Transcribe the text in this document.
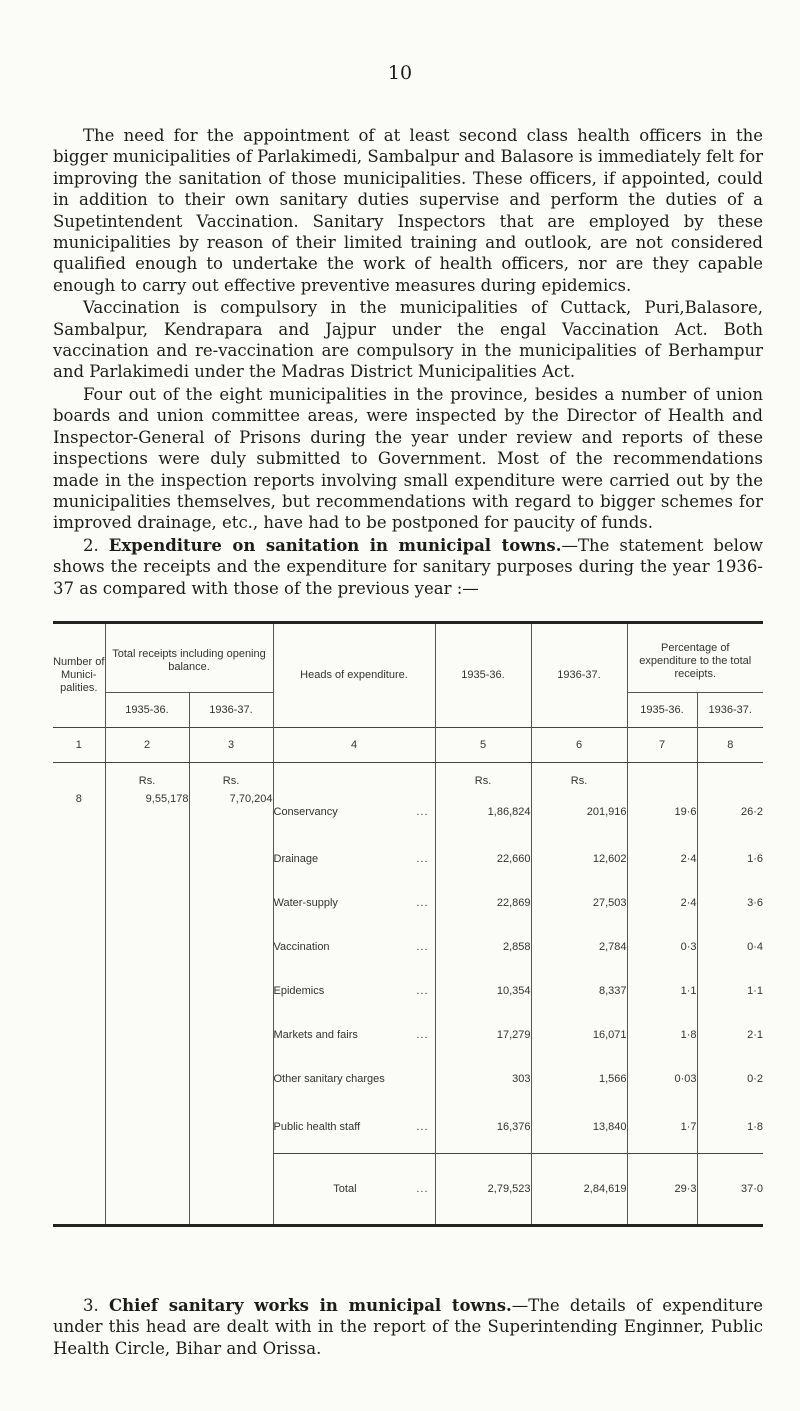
10

The need for the appointment of at least second class health officers in the bigger municipalities of Parlakimedi, Sambalpur and Balasore is immediately felt for improving the sanitation of those municipalities. These officers, if appointed, could in addition to their own sanitary duties supervise and perform the duties of a Supetintendent Vaccination. Sanitary Inspectors that are employed by these municipalities by reason of their limited training and outlook, are not considered qualified enough to undertake the work of health officers, nor are they capable enough to carry out effective preventive measures during epidemics.

Vaccination is compulsory in the municipalities of Cuttack, Puri,Balasore, Sambalpur, Kendrapara and Jajpur under the engal Vaccination Act. Both vaccination and re-vaccination are compulsory in the municipalities of Berhampur and Parlakimedi under the Madras District Municipalities Act.

Four out of the eight municipalities in the province, besides a number of union boards and union committee areas, were inspected by the Director of Health and Inspector-General of Prisons during the year under review and reports of these inspections were duly submitted to Government. Most of the recommendations made in the inspection reports involving small expenditure were carried out by the municipalities themselves, but recommendations with regard to bigger schemes for improved drainage, etc., have had to be postponed for paucity of funds.

2. Expenditure on sanitation in municipal towns.—The statement below shows the receipts and the expenditure for sanitary purposes during the year 1936-37 as compared with those of the previous year :—

Number of Munici-palities.	Total receipts including opening balance.		Heads of expenditure.	1935-36.	1936-37.	Percentage of expenditure to the total receipts.	
	1935-36.	1936-37.				1935-36.	1936-37.
1	2	3	4	5	6	7	8
	Rs.	Rs.		Rs.	Rs.		
8	9,55,178	7,70,204	Conservancy ...	1,86,824	201,916	19·6	26·2
			Drainage ...	22,660	12,602	2·4	1·6
			Water-supply ...	22,869	27,503	2·4	3·6
			Vaccination ...	2,858	2,784	0·3	0·4
			Epidemics ...	10,354	8,337	1·1	1·1
			Markets and fairs ...	17,279	16,071	1·8	2·1
			Other sanitary charges	303	1,566	0·03	0·2
			Public health staff ...	16,376	13,840	1·7	1·8
			Total ...	2,79,523	2,84,619	29·3	37·0

3. Chief sanitary works in municipal towns.—The details of expenditure under this head are dealt with in the report of the Superintending Enginner, Public Health Circle, Bihar and Orissa.
